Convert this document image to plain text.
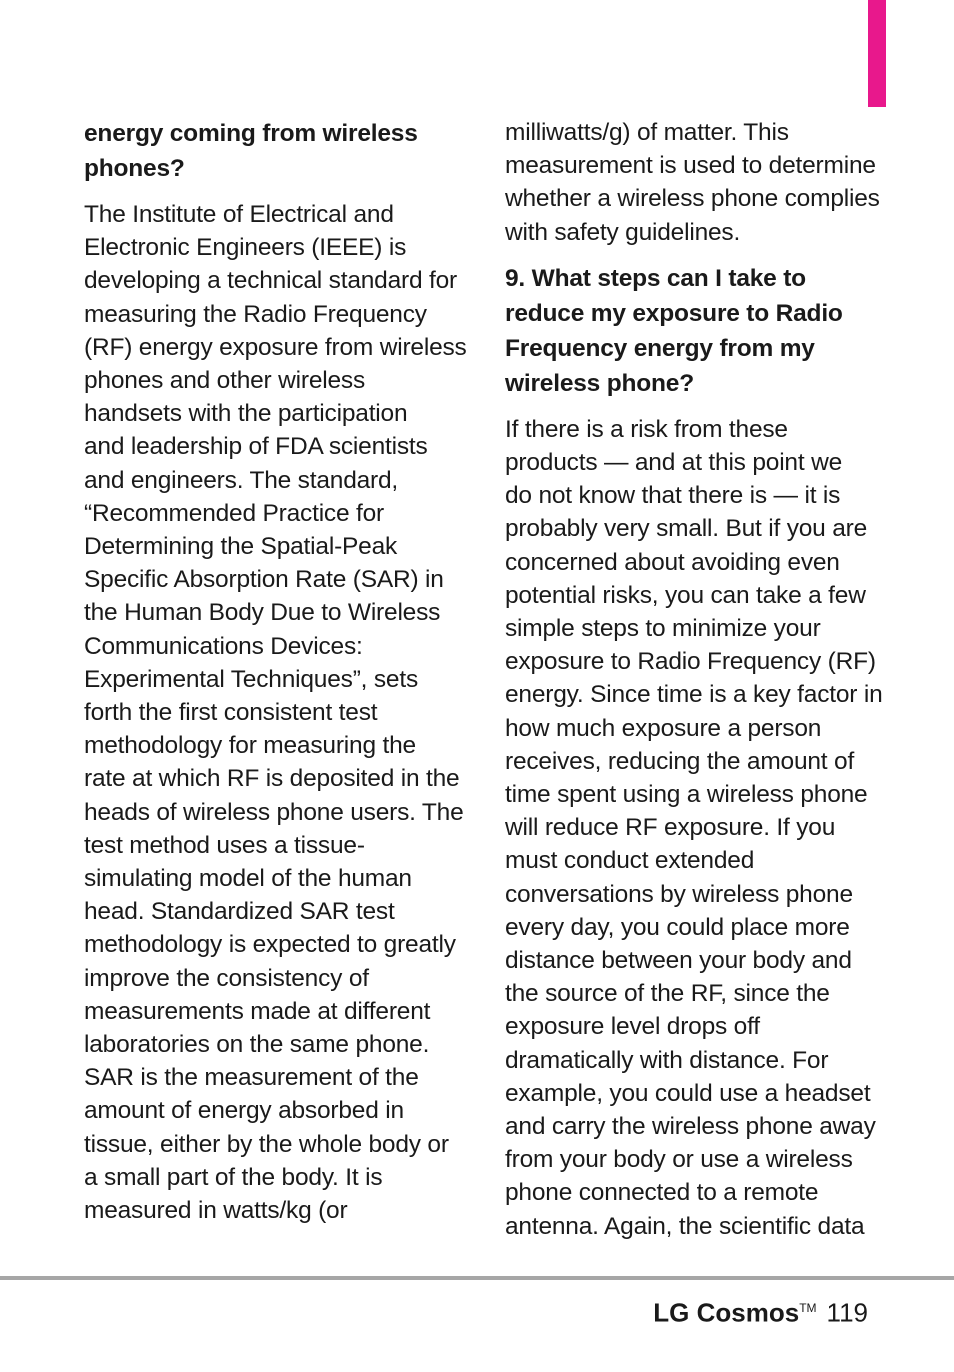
energy coming from wireless
phones?
The Institute of Electrical and
Electronic Engineers (IEEE) is
developing a technical standard for
measuring the Radio Frequency
(RF) energy exposure from wireless
phones and other wireless
handsets with the participation
and leadership of FDA scientists
and engineers. The standard,
“Recommended Practice for
Determining the Spatial-Peak
Specific Absorption Rate (SAR) in
the Human Body Due to Wireless
Communications Devices:
Experimental Techniques”, sets
forth the first consistent test
methodology for measuring the
rate at which RF is deposited in the
heads of wireless phone users. The
test method uses a tissue-
simulating model of the human
head. Standardized SAR test
methodology is expected to greatly
improve the consistency of
measurements made at different
laboratories on the same phone.
SAR is the measurement of the
amount of energy absorbed in
tissue, either by the whole body or
a small part of the body. It is
measured in watts/kg (or
milliwatts/g) of matter. This
measurement is used to determine
whether a wireless phone complies
with safety guidelines.
9. What steps can I take to
reduce my exposure to Radio
Frequency energy from my
wireless phone?
If there is a risk from these
products — and at this point we
do not know that there is — it is
probably very small. But if you are
concerned about avoiding even
potential risks, you can take a few
simple steps to minimize your
exposure to Radio Frequency (RF)
energy. Since time is a key factor in
how much exposure a person
receives, reducing the amount of
time spent using a wireless phone
will reduce RF exposure. If you
must conduct extended
conversations by wireless phone
every day, you could place more
distance between your body and
the source of the RF, since the
exposure level drops off
dramatically with distance. For
example, you could use a headset
and carry the wireless phone away
from your body or use a wireless
phone connected to a remote
antenna. Again, the scientific data
LG Cosmos™ 119
